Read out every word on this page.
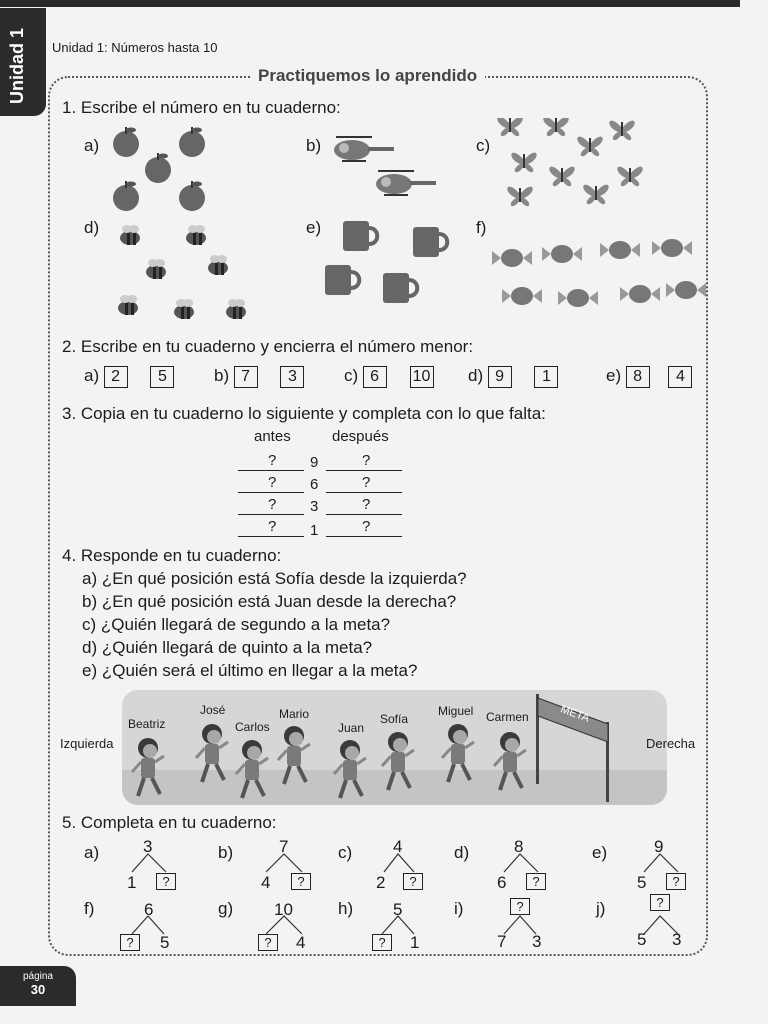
Unidad 1 Unidad 1: Números hasta 10
Practiquemos lo aprendido
1. Escribe el número en tu cuaderno:
a)	b)	c)
d)	e)	f)
2. Escribe en tu cuaderno y encierra el número menor:
a) 2 5	b) 7 3	c) 6 10 d) 9 1	e) 8 4
3. Copia en tu cuaderno lo siguiente y completa con lo que falta:
antes	después
? 9	?
? 6	?
? 3	?
? 1	?
4. Responde en tu cuaderno:
a) ¿En qué posición está Sofía desde la izquierda?
b) ¿En qué posición está Juan desde la derecha?
c) ¿Quién llegará de segundo a la meta?
d) ¿Quién llegará de quinto a la meta?
e) ¿Quién será el último en llegar a la meta?
Izquierda	Derecha
META
Beatriz
José
Carlos
Mario
Juan
Sofía
Miguel Carmen
5. Completa en tu cuaderno:
a)	3
1	?
b)	7
4	?
c) 4
2	?
d)	8
6	?
e)	9
5	?
f)	6
?	5
g) 10
?	4
h) 5
?	1
i)	?
7 3
j)	?
5 3
página
30
